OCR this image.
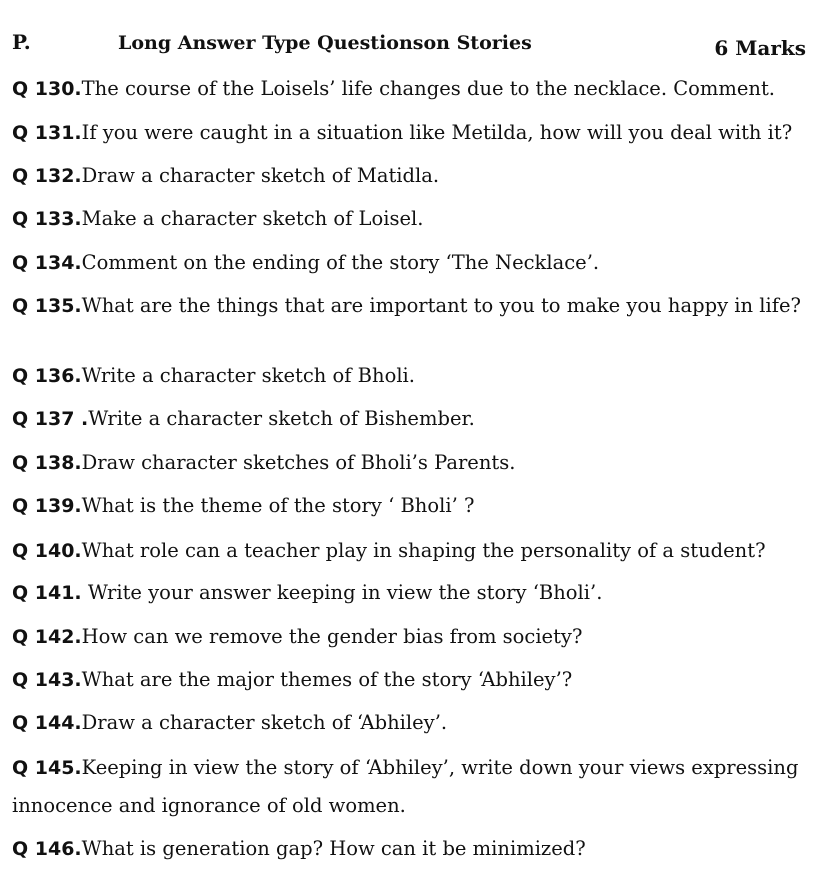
P.	Long Answer Type Questionson Stories	6 Marks
Q 130.The course of the Loisels’ life changes due to the necklace. Comment.
Q 131.If you were caught in a situation like Metilda, how will you deal with it?
Q 132.Draw a character sketch of Matidla.
Q 133.Make a character sketch of Loisel.
Q 134.Comment on the ending of the story ‘The Necklace’.
Q 135.What are the things that are important to you to make you happy in life?
Q 136.Write a character sketch of Bholi.
Q 137 .Write a character sketch of Bishember.
Q 138.Draw character sketches of Bholi’s Parents.
Q 139.What is the theme of the story ‘ Bholi’ ?
Q 140.What role can a teacher play in shaping the personality of a student?
Q 141. Write your answer keeping in view the story ‘Bholi’.
Q 142.How can we remove the gender bias from society?
Q 143.What are the major themes of the story ‘Abhiley’?
Q 144.Draw a character sketch of ‘Abhiley’.
Q 145.Keeping in view the story of ‘Abhiley’, write down your views expressing
innocence and ignorance of old women.
Q 146.What is generation gap? How can it be minimized?
